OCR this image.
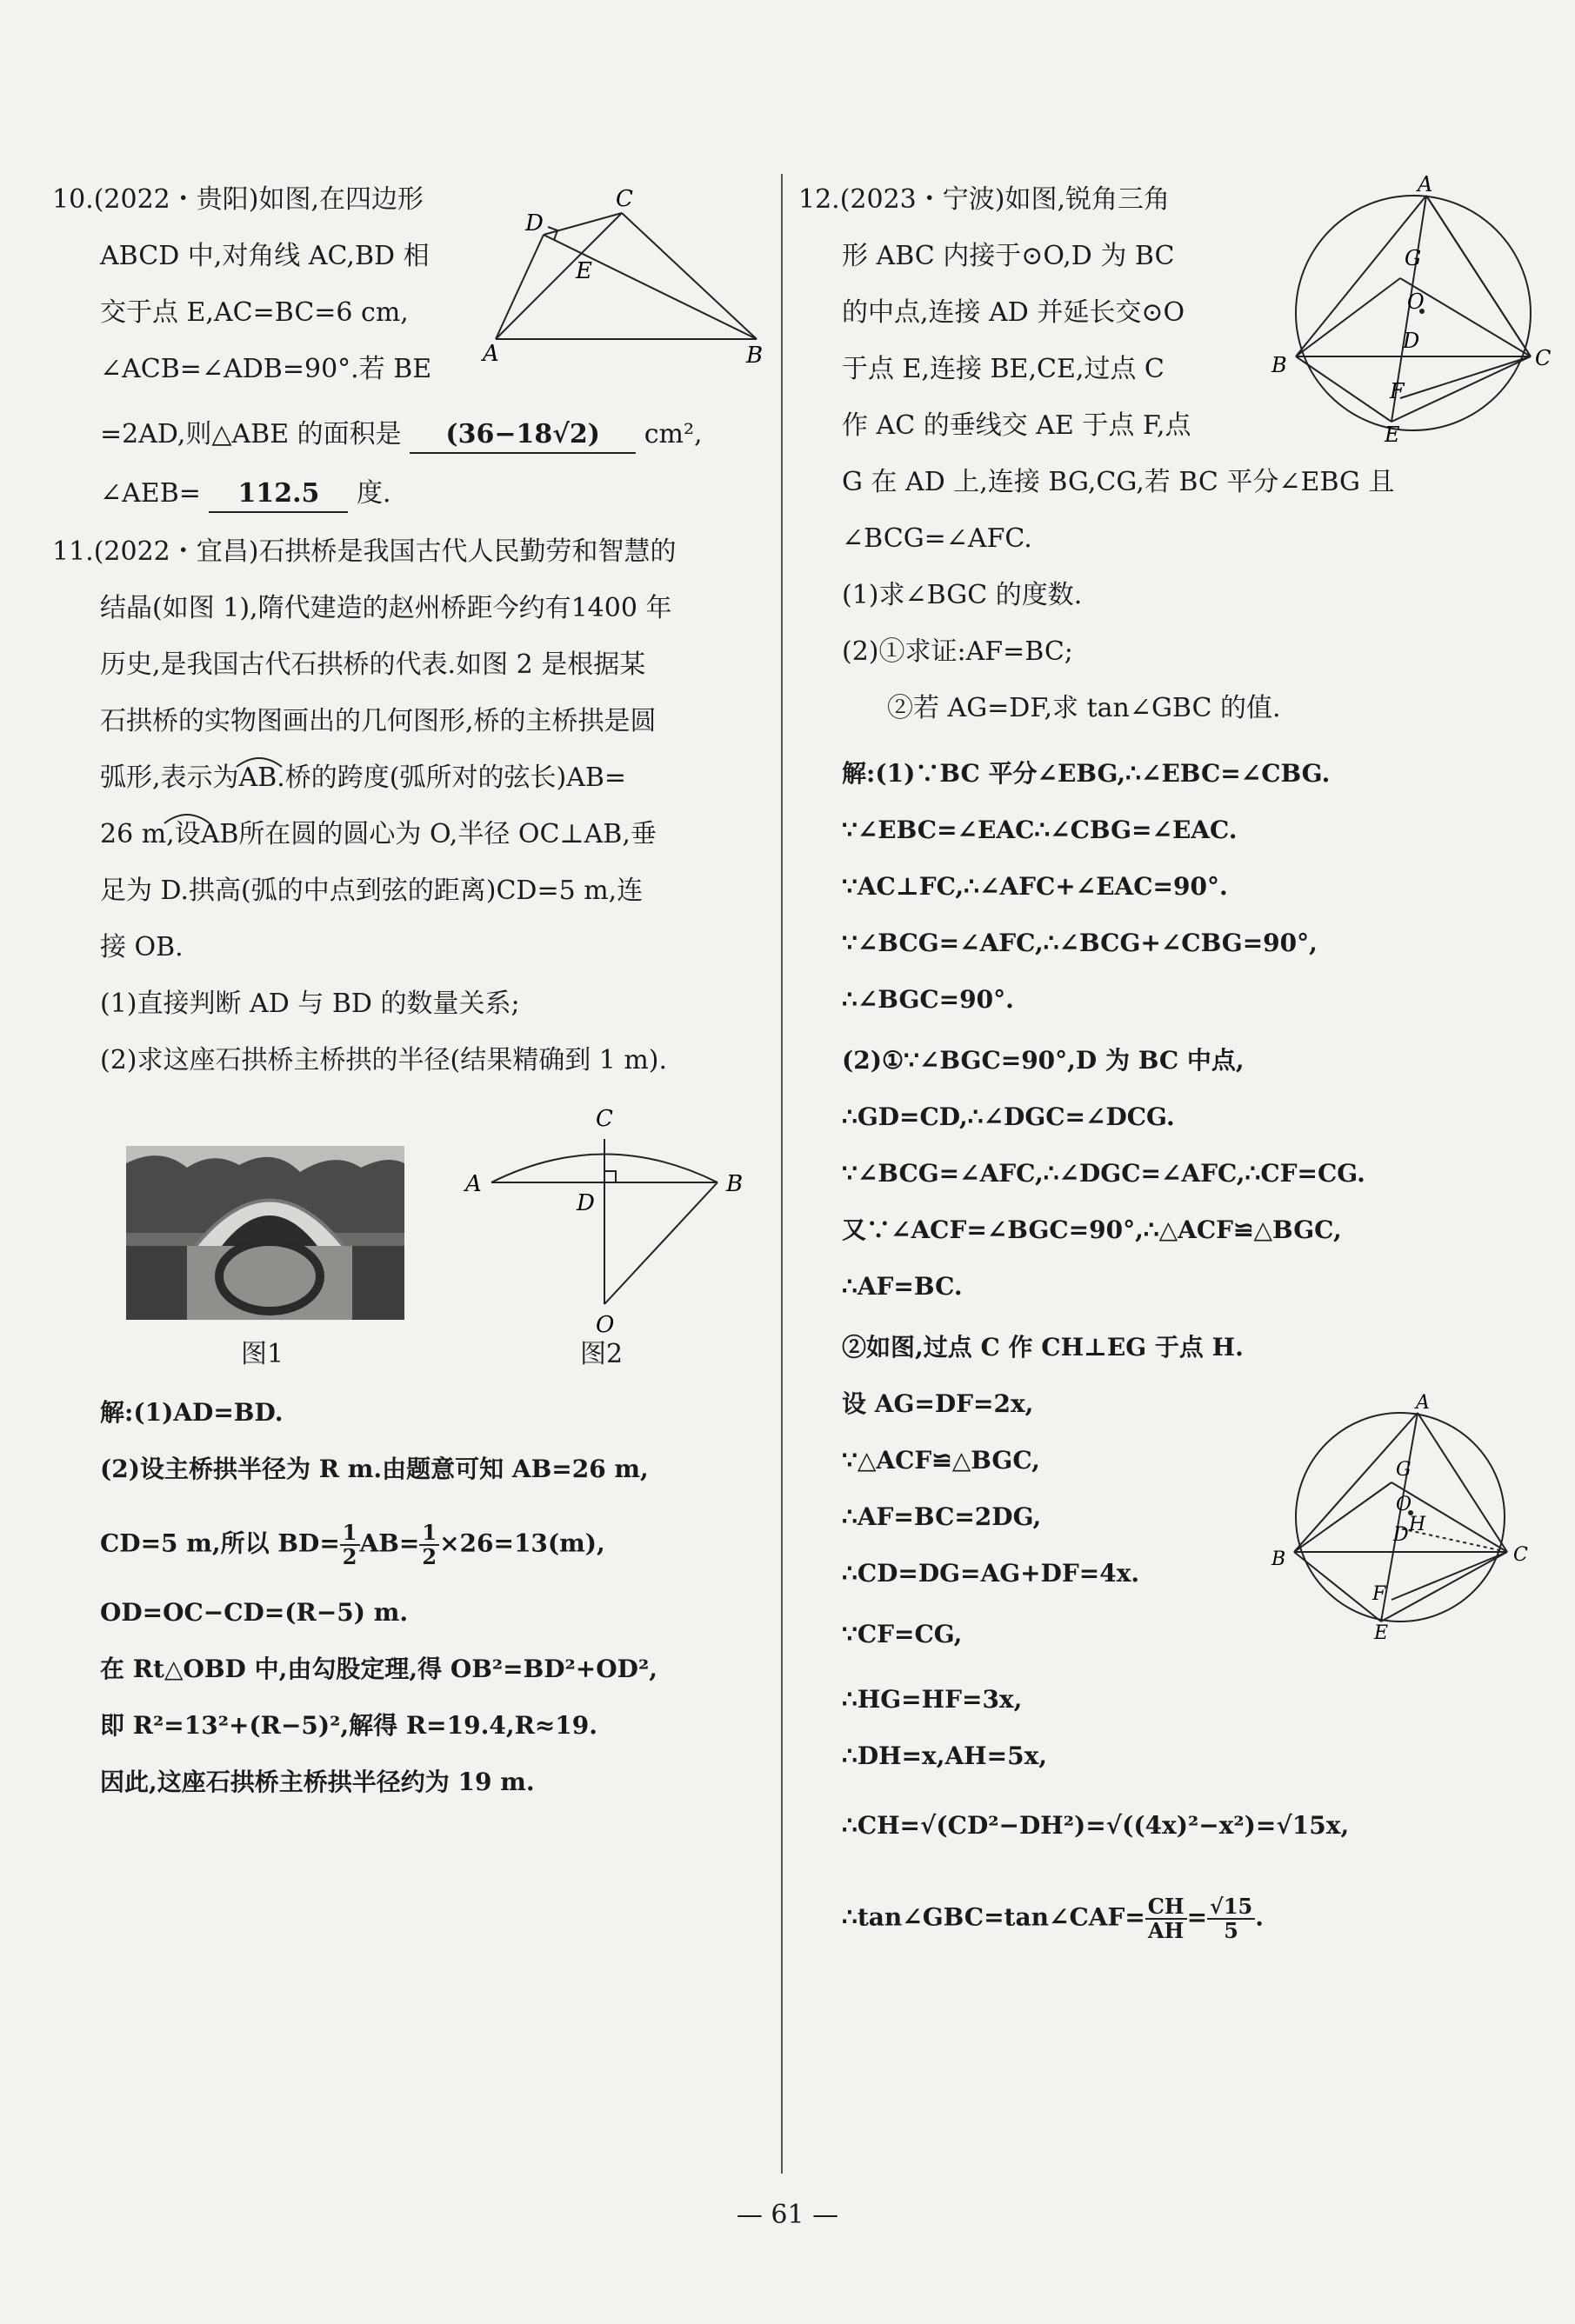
10.(2022・贵阳)如图,在四边形
ABCD 中,对角线 AC,BD 相
交于点 E,AC=BC=6 cm,
∠ACB=∠ADB=90°.若 BE
=2AD,则△ABE 的面积是 (36−18√2) cm²,
∠AEB= 112.5 度.
A	B
C
D
E
11.(2022・宜昌)石拱桥是我国古代人民勤劳和智慧的
结晶(如图 1),隋代建造的赵州桥距今约有1400 年
历史,是我国古代石拱桥的代表.如图 2 是根据某
石拱桥的实物图画出的几何图形,桥的主桥拱是圆
弧形,表示为AB.桥的跨度(弧所对的弦长)AB=
26 m,设AB所在圆的圆心为 O,半径 OC⊥AB,垂
足为 D.拱高(弧的中点到弦的距离)CD=5 m,连
接 OB.
(1)直接判断 AD 与 BD 的数量关系;
(2)求这座石拱桥主桥拱的半径(结果精确到 1 m).
图1
A	B
C
D
O
图2
解:(1)AD=BD.
(2)设主桥拱半径为 R m.由题意可知 AB=26 m,
CD=5 m,所以 $BD= \frac{1}{2} AB= \frac{1}{2} \times 26=13(m)$,
OD=OC−CD=(R−5) m.
在 Rt△OBD 中,由勾股定理,得 OB²=BD²+OD²,
即 R²=13²+(R−5)²,解得 R=19.4,R≈19.
因此,这座石拱桥主桥拱半径约为 19 m.
12.(2023・宁波)如图,锐角三角
形 ABC 内接于⊙O,D 为 BC
的中点,连接 AD 并延长交⊙O
于点 E,连接 BE,CE,过点 C
作 AC 的垂线交 AE 于点 F,点
G 在 AD 上,连接 BG,CG,若 BC 平分∠EBG 且
∠BCG=∠AFC.
(1)求∠BGC 的度数.
(2)①求证:AF=BC;
②若 AG=DF,求 tan∠GBC 的值.
A
B	C
D
E
F
G
O
解:(1)∵BC 平分∠EBG,∴∠EBC=∠CBG.
∵∠EBC=∠EAC∴∠CBG=∠EAC.
∵AC⊥FC,∴∠AFC+∠EAC=90°.
∵∠BCG=∠AFC,∴∠BCG+∠CBG=90°,
∴∠BGC=90°.
(2)①∵∠BGC=90°,D 为 BC 中点,
∴GD=CD,∴∠DGC=∠DCG.
∵∠BCG=∠AFC,∴∠DGC=∠AFC,∴CF=CG.
又∵∠ACF=∠BGC=90°,∴△ACF≌△BGC,
∴AF=BC.
②如图,过点 C 作 CH⊥EG 于点 H.
设 AG=DF=2x,
∵△ACF≌△BGC,
∴AF=BC=2DG,
∴CD=DG=AG+DF=4x.
∵CF=CG,
∴HG=HF=3x,
∴DH=x,AH=5x,
∴CH=√(CD²−DH²)=√((4x)²−x²)=√15x,
∴tan∠GBC=tan∠CAF= $\frac{CH}{AH} = \frac{√15}{5}$ .
A
B	C
D
E
F
G
O
H
— 61 —
